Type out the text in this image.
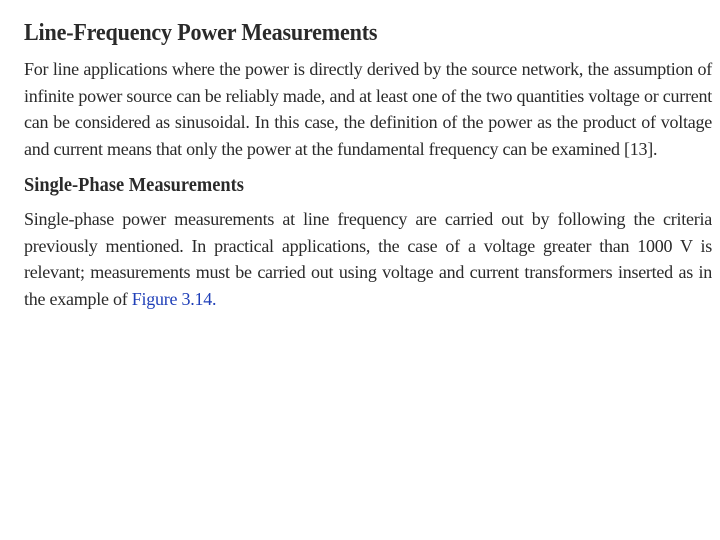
Line-Frequency Power Measurements

For line applications where the power is directly derived by the source network, the assumption of infinite power source can be reliably made, and at least one of the two quantities voltage or current can be considered as sinusoidal. In this case, the definition of the power as the product of voltage and current means that only the power at the fundamental frequency can be examined [13].

Single-Phase Measurements

Single-phase power measurements at line frequency are carried out by following the criteria previously mentioned. In practical applications, the case of a voltage greater than 1000 V is relevant; measurements must be carried out using voltage and current transformers inserted as in the example of Figure 3.14.
